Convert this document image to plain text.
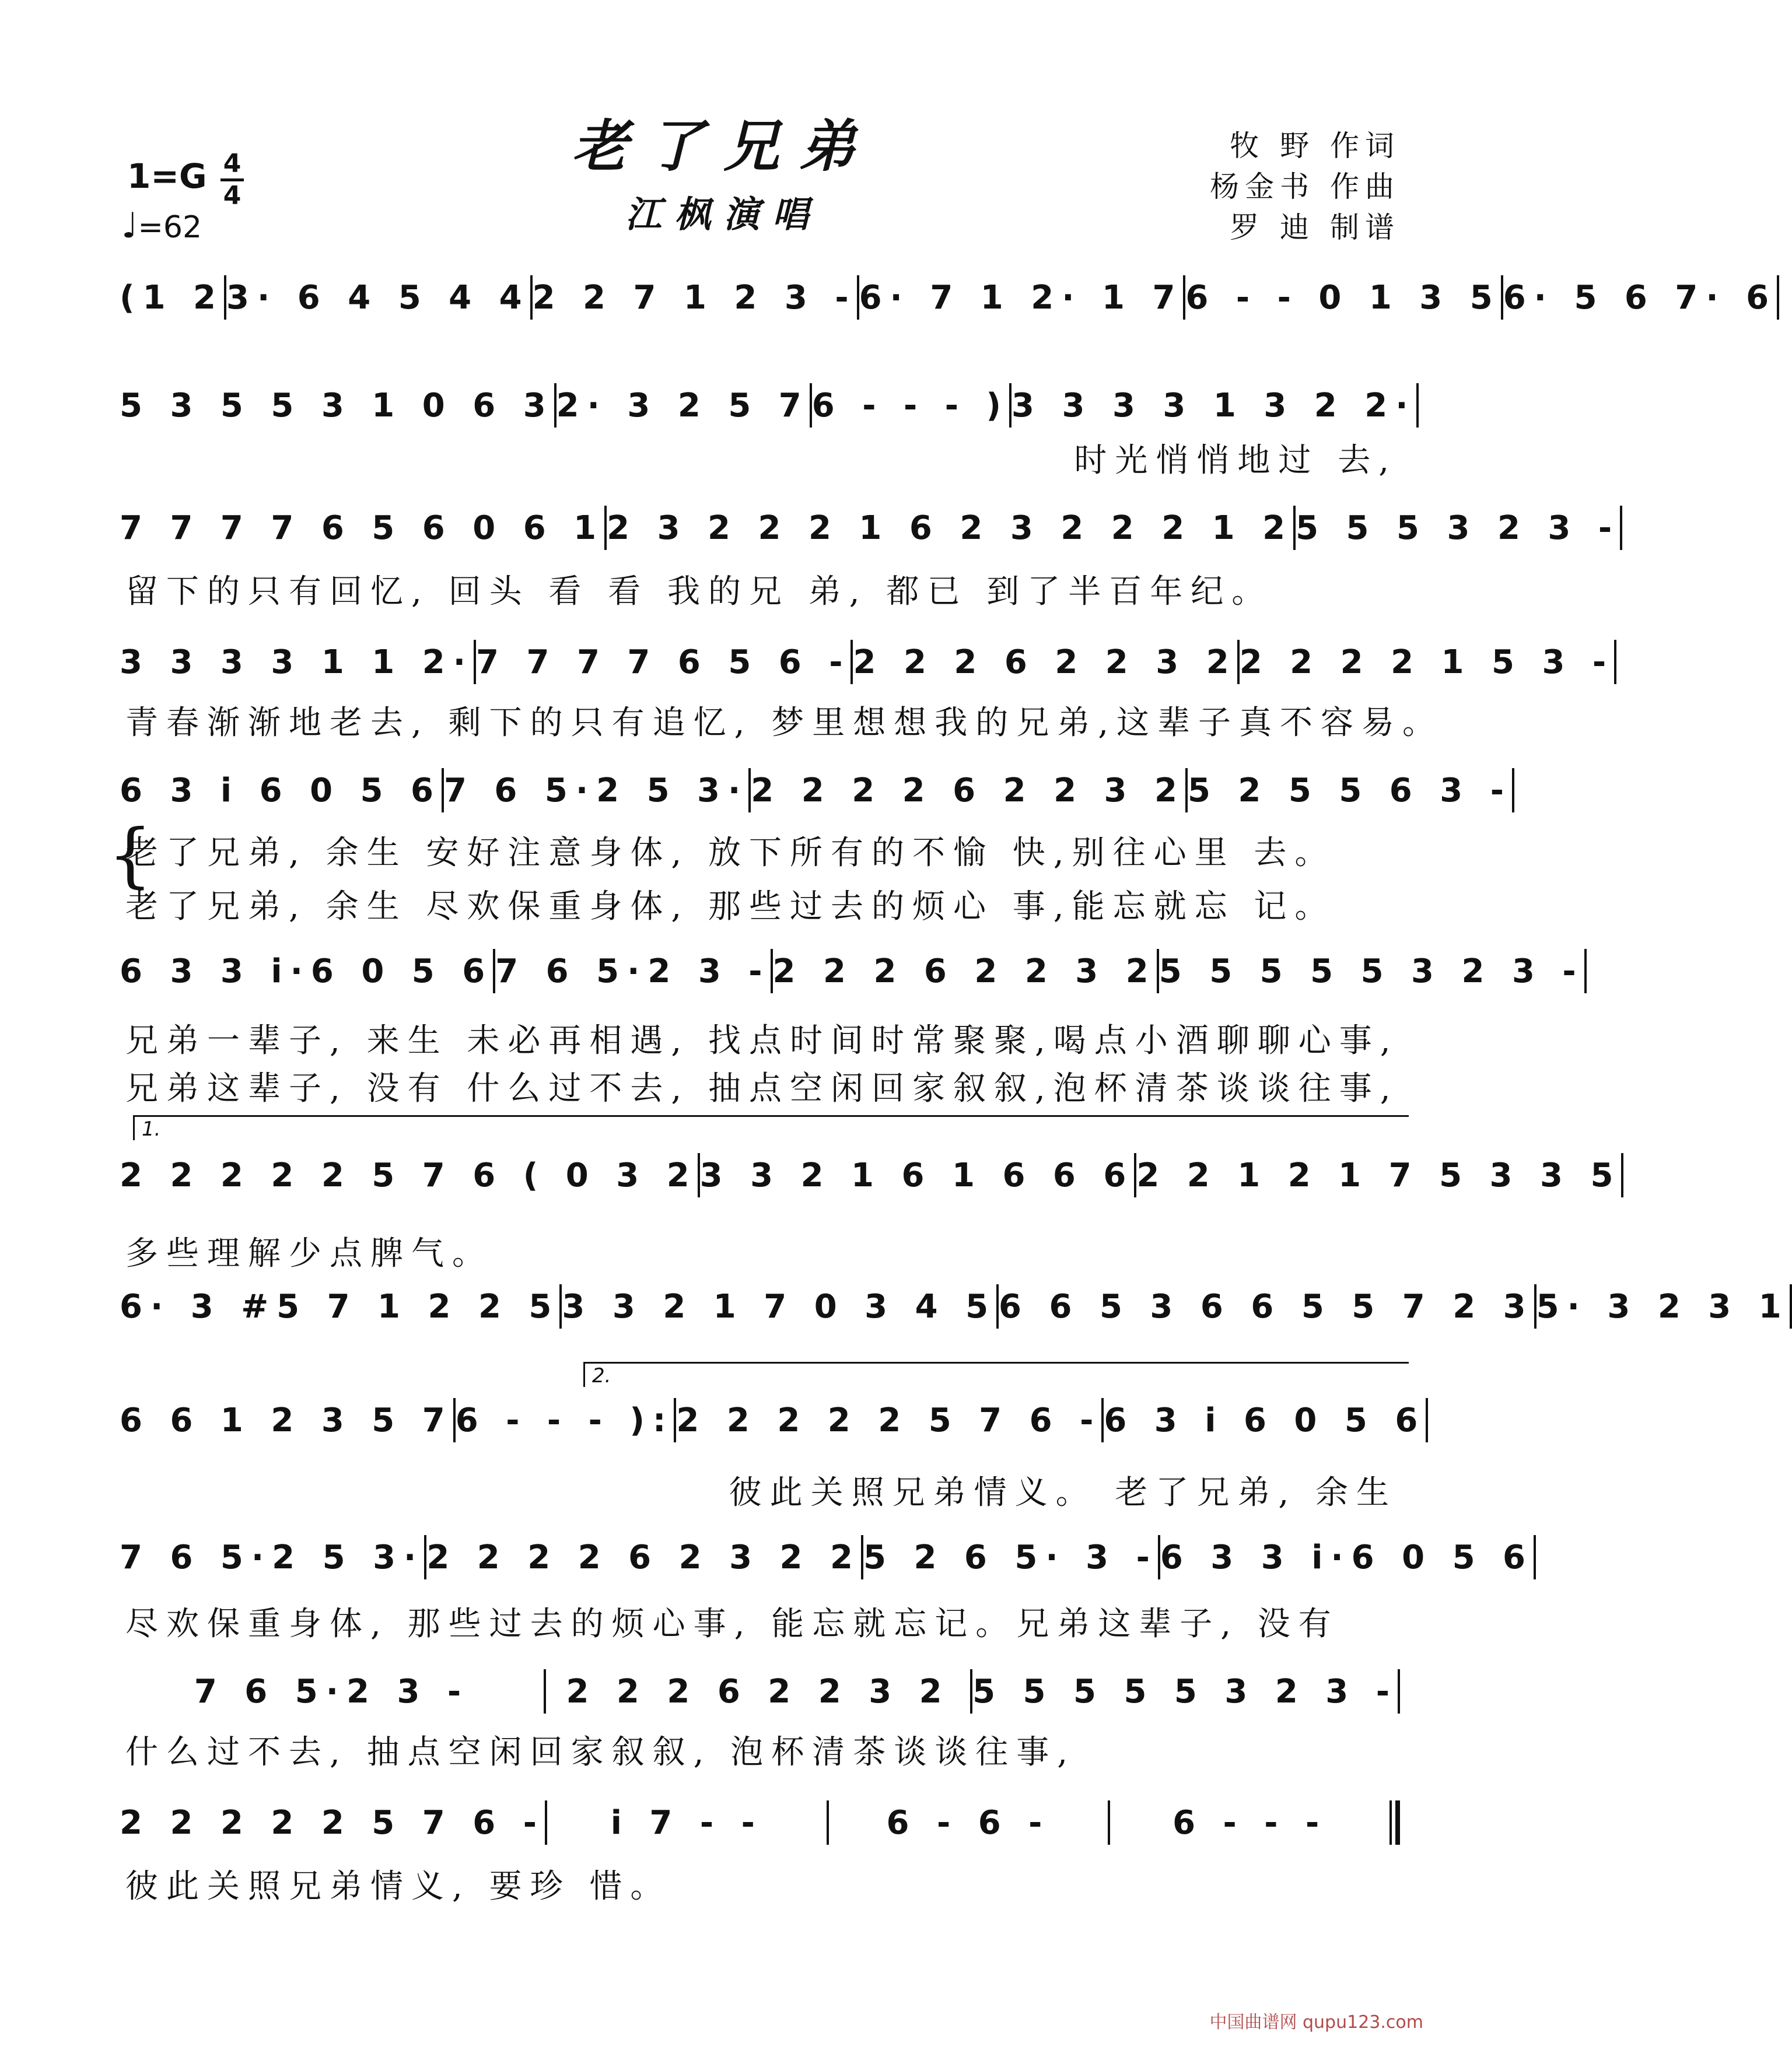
老了兄弟
江枫演唱
1=G 4
4
♩=62
牧 野 作词
杨金书 作曲
罗 迪 制谱
(1 2 3· 6 4 5 4 4 2 2 7 1 2 3 - 6· 7 1 2· 1 7 6 - - 0 1 3 5 6· 5 6 7· 6
5 3 5 5 3 1 0 6 3 2· 3 2 5 7 6 - - - ) 3 3 3 3 1 3 2 2·
7 7 7 7 6 5 6 0 6 1 2 3 2 2 2 1 6 2 3 2 2 2 1 2 5 5 5 3 2 3 -
3 3 3 3 1 1 2· 7 7 7 7 6 5 6 - 2 2 2 6 2 2 3 2 2 2 2 2 1 5 3 -
6 3 i 6 0 5 6 7 6 5·2 5 3· 2 2 2 2 6 2 2 3 2 5 2 5 5 6 3 -
6 3 3 i·6 0 5 6 7 6 5·2 3 - 2 2 2 6 2 2 3 2 5 5 5 5 5 3 2 3 -
2 2 2 2 2 5 7 6 ( 0 3 2 3 3 2 1 6 1 6 6 6 2 2 1 2 1 7 5 3 3 5
6· 3 #5 7 1 2 2 5 3 3 2 1 7 0 3 4 5 6 6 5 3 6 6 5 5 7 2 3 5· 3 2 3 1
6 6 1 2 3 5 7 6 - - - ): 2 2 2 2 2 5 7 6 - 6 3 i 6 0 5 6
7 6 5·2 5 3· 2 2 2 2 6 2 3 2 2 5 2 6 5· 3 - 6 3 3 i·6 0 5 6
7 6 5·2 3 -	2 2 2 6 2 2 3 2 5 5 5 5 5 3 2 3 -
2 2 2 2 2 5 7 6 -	i 7 - -	6 - 6 -	6 - - -
时光悄悄地过 去,
留下的只有回忆, 回头 看 看 我的兄 弟, 都已 到了半百年纪。
青春渐渐地老去, 剩下的只有追忆, 梦里想想我的兄弟,这辈子真不容易。
{
老了兄弟, 余生 安好注意身体, 放下所有的不愉 快,别往心里 去。
老了兄弟, 余生 尽欢保重身体, 那些过去的烦心 事,能忘就忘 记。
兄弟一辈子, 来生 未必再相遇, 找点时间时常聚聚,喝点小酒聊聊心事,
兄弟这辈子, 没有 什么过不去, 抽点空闲回家叙叙,泡杯清茶谈谈往事,
1.
多些理解少点脾气。
2.
彼此关照兄弟情义。 老了兄弟, 余生
尽欢保重身体, 那些过去的烦心事, 能忘就忘记。兄弟这辈子, 没有
什么过不去, 抽点空闲回家叙叙, 泡杯清茶谈谈往事,
彼此关照兄弟情义, 要珍 惜。
中国曲谱网 qupu123.com
